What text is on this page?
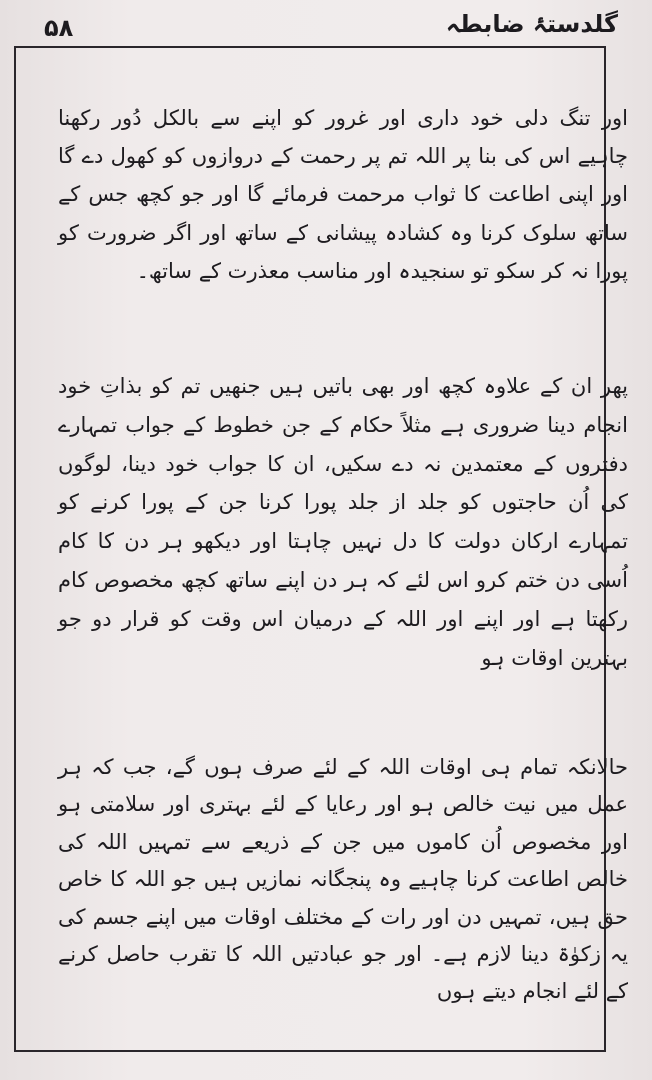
۵۸	گلدستۂ ضابطہ

اور تنگ دلی خود داری اور غرور کو اپنے سے بالکل دُور رکھنا چاہیے اس کی بنا پر اللہ تم پر رحمت کے دروازوں کو کھول دے گا اور اپنی اطاعت کا ثواب مرحمت فرمائے گا اور جو کچھ جس کے ساتھ سلوک کرنا وہ کشادہ پیشانی کے ساتھ اور اگر ضرورت کو پورا نہ کر سکو تو سنجیدہ اور مناسب معذرت کے ساتھ۔

پھر ان کے علاوہ کچھ اور بھی باتیں ہیں جنھیں تم کو بذاتِ خود انجام دینا ضروری ہے مثلاً حکام کے جن خطوط کے جواب تمہارے دفتروں کے معتمدین نہ دے سکیں، ان کا جواب خود دینا، لوگوں کی اُن حاجتوں کو جلد از جلد پورا کرنا جن کے پورا کرنے کو تمہارے ارکان دولت کا دل نہیں چاہتا اور دیکھو ہر دن کا کام اُسی دن ختم کرو اس لئے کہ ہر دن اپنے ساتھ کچھ مخصوص کام رکھتا ہے اور اپنے اور اللہ کے درمیان اس وقت کو قرار دو جو بہترین اوقات ہو

حالانکہ تمام ہی اوقات اللہ کے لئے صرف ہوں گے، جب کہ ہر عمل میں نیت خالص ہو اور رعایا کے لئے بہتری اور سلامتی ہو اور مخصوص اُن کاموں میں جن کے ذریعے سے تمہیں اللہ کی خالص اطاعت کرنا چاہیے وہ پنجگانہ نمازیں ہیں جو اللہ کا خاص حق ہیں، تمہیں دن اور رات کے مختلف اوقات میں اپنے جسم کی یہ زکوٰۃ دینا لازم ہے۔ اور جو عبادتیں اللہ کا تقرب حاصل کرنے کے لئے انجام دیتے ہوں
